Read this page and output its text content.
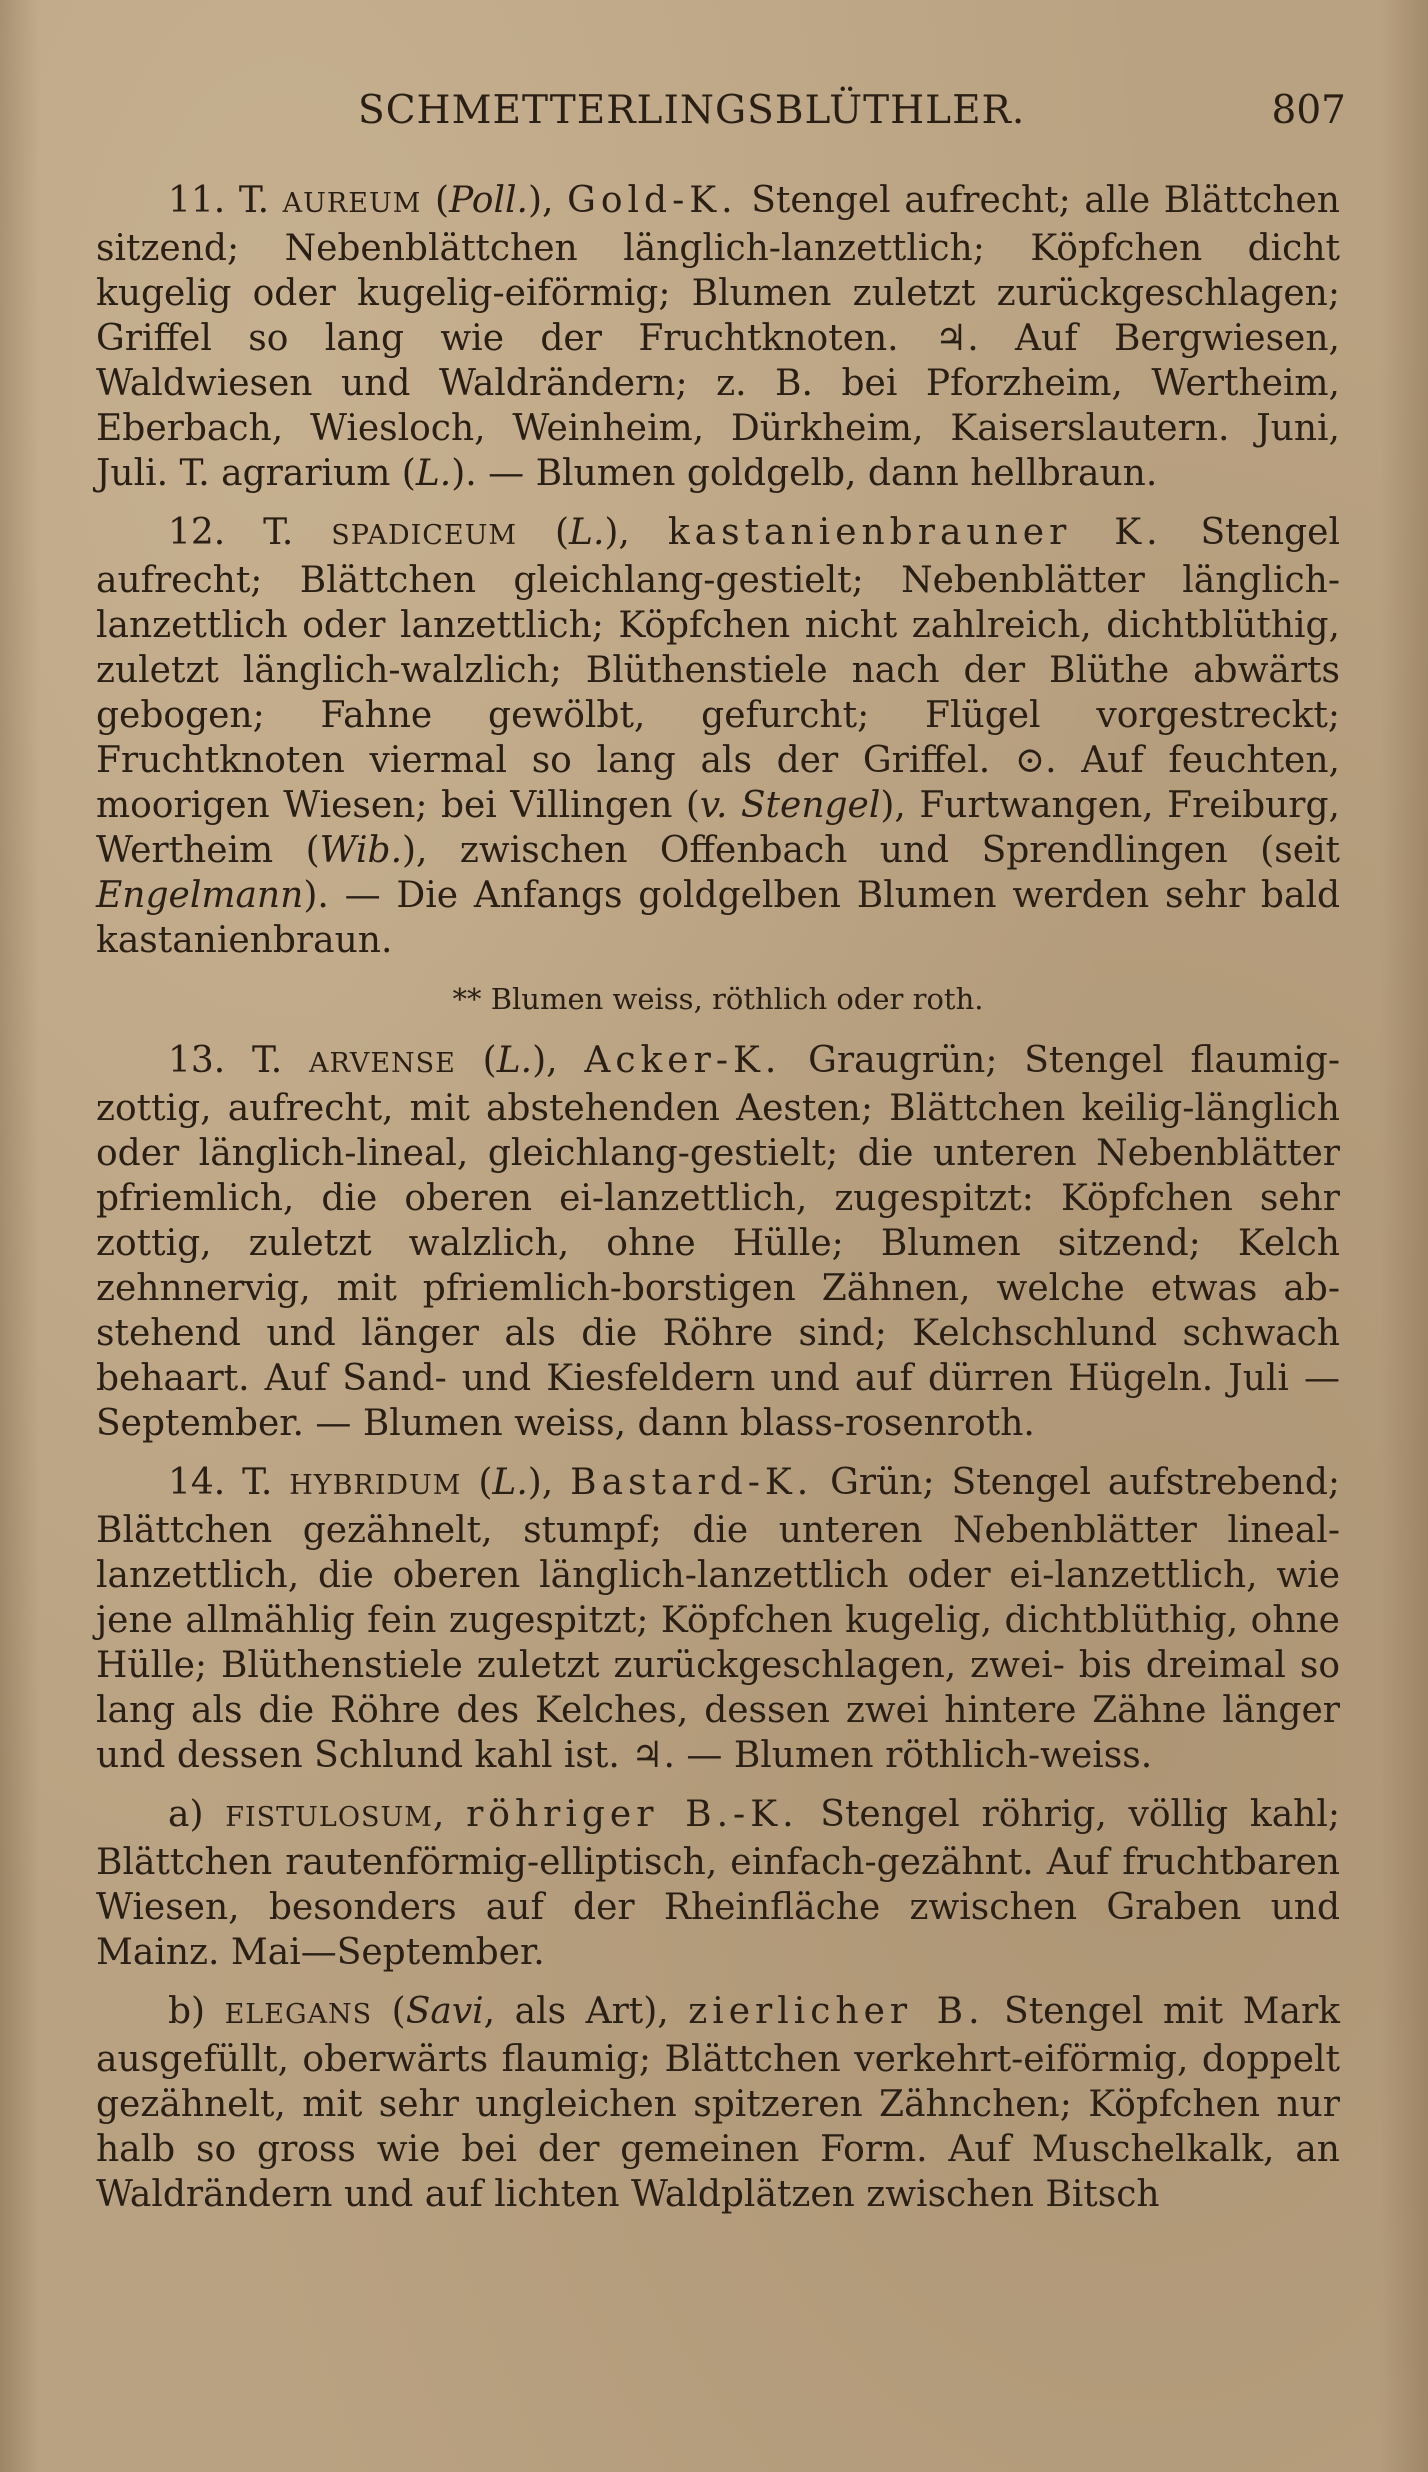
SCHMETTERLINGSBLÜTHLER.	807

11. T. AUREUM (Poll.), Gold-K. Stengel aufrecht; alle Blättchen sitzend; Nebenblättchen länglich-lanzettlich; Köpfchen dicht kugelig oder kugelig-eiförmig; Blumen zuletzt zurückgeschlagen; Griffel so lang wie der Fruchtknoten. ♃. Auf Bergwiesen, Waldwiesen und Waldrändern; z. B. bei Pforzheim, Wertheim, Eberbach, Wiesloch, Weinheim, Dürkheim, Kaiserslautern. Juni, Juli. T. agrarium (L.). — Blumen goldgelb, dann hellbraun.

12. T. SPADICEUM (L.), kastanienbrauner K. Stengel aufrecht; Blättchen gleichlang-gestielt; Nebenblätter länglich-lanzettlich oder lanzettlich; Köpfchen nicht zahlreich, dichtblüthig, zuletzt länglich-walzlich; Blüthenstiele nach der Blüthe abwärts gebogen; Fahne gewölbt, gefurcht; Flügel vorgestreckt; Fruchtknoten viermal so lang als der Griffel. ⊙. Auf feuchten, moorigen Wiesen; bei Villingen (v. Stengel), Furtwangen, Freiburg, Wertheim (Wib.), zwischen Offenbach und Sprendlingen (seit Engelmann). — Die Anfangs goldgelben Blumen werden sehr bald kastanienbraun.

** Blumen weiss, röthlich oder roth.

13. T. ARVENSE (L.), Acker-K. Graugrün; Stengel flaumig-zottig, aufrecht, mit abstehenden Aesten; Blättchen keilig-länglich oder länglich-lineal, gleichlang-gestielt; die unteren Nebenblätter pfriemlich, die oberen ei-lanzettlich, zugespitzt: Köpfchen sehr zottig, zuletzt walzlich, ohne Hülle; Blumen sitzend; Kelch zehnnervig, mit pfriemlich-borstigen Zähnen, welche etwas abstehend und länger als die Röhre sind; Kelchschlund schwach behaart. Auf Sand- und Kiesfeldern und auf dürren Hügeln. Juli —September. — Blumen weiss, dann blass-rosenroth.

14. T. HYBRIDUM (L.), Bastard-K. Grün; Stengel aufstrebend; Blättchen gezähnelt, stumpf; die unteren Nebenblätter lineal-lanzettlich, die oberen länglich-lanzettlich oder ei-lanzettlich, wie jene allmählig fein zugespitzt; Köpfchen kugelig, dichtblüthig, ohne Hülle; Blüthenstiele zuletzt zurückgeschlagen, zwei- bis dreimal so lang als die Röhre des Kelches, dessen zwei hintere Zähne länger und dessen Schlund kahl ist. ♃. — Blumen röthlich-weiss.

a) FISTULOSUM, röhriger B.-K. Stengel röhrig, völlig kahl; Blättchen rautenförmig-elliptisch, einfach-gezähnt. Auf fruchtbaren Wiesen, besonders auf der Rheinfläche zwischen Graben und Mainz. Mai—September.

b) ELEGANS (Savi, als Art), zierlicher B. Stengel mit Mark ausgefüllt, oberwärts flaumig; Blättchen verkehrt-eiförmig, doppelt gezähnelt, mit sehr ungleichen spitzeren Zähnchen; Köpfchen nur halb so gross wie bei der gemeinen Form. Auf Muschelkalk, an Waldrändern und auf lichten Waldplätzen zwischen Bitsch
